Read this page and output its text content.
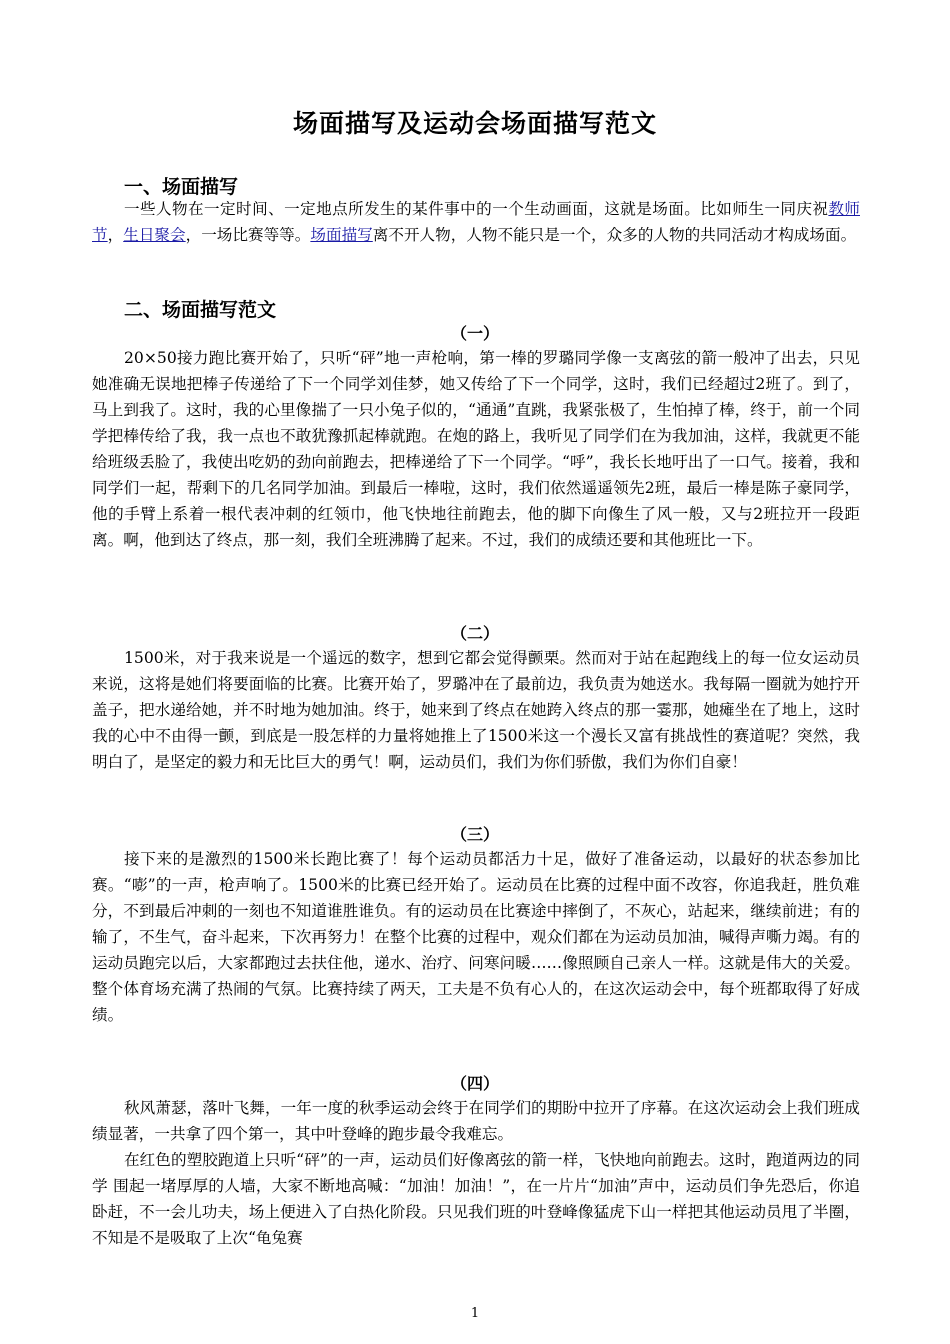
场面描写及运动会场面描写范文
一、场面描写

一些人物在一定时间、一定地点所发生的某件事中的一个生动画面，这就是场面。比如师生一同庆祝教师节，生日聚会，一场比赛等等。场面描写离不开人物，人物不能只是一个，众多的人物的共同活动才构成场面。

二、场面描写范文
（一）

20×50接力跑比赛开始了，只听“砰”地一声枪响，第一棒的罗璐同学像一支离弦的箭一般冲了出去，只见她准确无误地把棒子传递给了下一个同学刘佳梦，她又传给了下一个同学，这时，我们已经超过2班了。到了，马上到我了。这时，我的心里像揣了一只小兔子似的，“通通”直跳，我紧张极了，生怕掉了棒，终于，前一个同学把棒传给了我，我一点也不敢犹豫抓起棒就跑。在炮的路上，我听见了同学们在为我加油，这样，我就更不能给班级丢脸了，我使出吃奶的劲向前跑去，把棒递给了下一个同学。“呼”，我长长地吁出了一口气。接着，我和同学们一起，帮剩下的几名同学加油。到最后一棒啦，这时，我们依然遥遥领先2班，最后一棒是陈子豪同学，他的手臂上系着一根代表冲刺的红领巾，他飞快地往前跑去，他的脚下向像生了风一般，又与2班拉开一段距离。啊，他到达了终点，那一刻，我们全班沸腾了起来。不过，我们的成绩还要和其他班比一下。

（二）

1500米，对于我来说是一个遥远的数字，想到它都会觉得颤栗。然而对于站在起跑线上的每一位女运动员来说，这将是她们将要面临的比赛。比赛开始了，罗璐冲在了最前边，我负责为她送水。我每隔一圈就为她拧开盖子，把水递给她，并不时地为她加油。终于，她来到了终点在她跨入终点的那一霎那，她瘫坐在了地上，这时我的心中不由得一颤，到底是一股怎样的力量将她推上了1500米这一个漫长又富有挑战性的赛道呢？突然，我明白了，是坚定的毅力和无比巨大的勇气！啊，运动员们，我们为你们骄傲，我们为你们自豪！

（三）

接下来的是激烈的1500米长跑比赛了！每个运动员都活力十足，做好了准备运动，以最好的状态参加比赛。“嘭”的一声，枪声响了。1500米的比赛已经开始了。运动员在比赛的过程中面不改容，你追我赶，胜负难分，不到最后冲刺的一刻也不知道谁胜谁负。有的运动员在比赛途中摔倒了，不灰心，站起来，继续前进；有的输了，不生气，奋斗起来，下次再努力！在整个比赛的过程中，观众们都在为运动员加油，喊得声嘶力竭。有的运动员跑完以后，大家都跑过去扶住他，递水、治疗、问寒问暖……像照顾自己亲人一样。这就是伟大的关爱。整个体育场充满了热闹的气氛。比赛持续了两天，工夫是不负有心人的，在这次运动会中，每个班都取得了好成绩。

（四）

秋风萧瑟，落叶飞舞，一年一度的秋季运动会终于在同学们的期盼中拉开了序幕。在这次运动会上我们班成绩显著，一共拿了四个第一，其中叶登峰的跑步最令我难忘。

在红色的塑胶跑道上只听“砰”的一声，运动员们好像离弦的箭一样，飞快地向前跑去。这时，跑道两边的同学 围起一堵厚厚的人墙，大家不断地高喊：“加油！加油！”，在一片片“加油”声中，运动员们争先恐后，你追卧赶，不一会儿功夫，场上便进入了白热化阶段。只见我们班的叶登峰像猛虎下山一样把其他运动员甩了半圈，不知是不是吸取了上次“龟兔赛

1
